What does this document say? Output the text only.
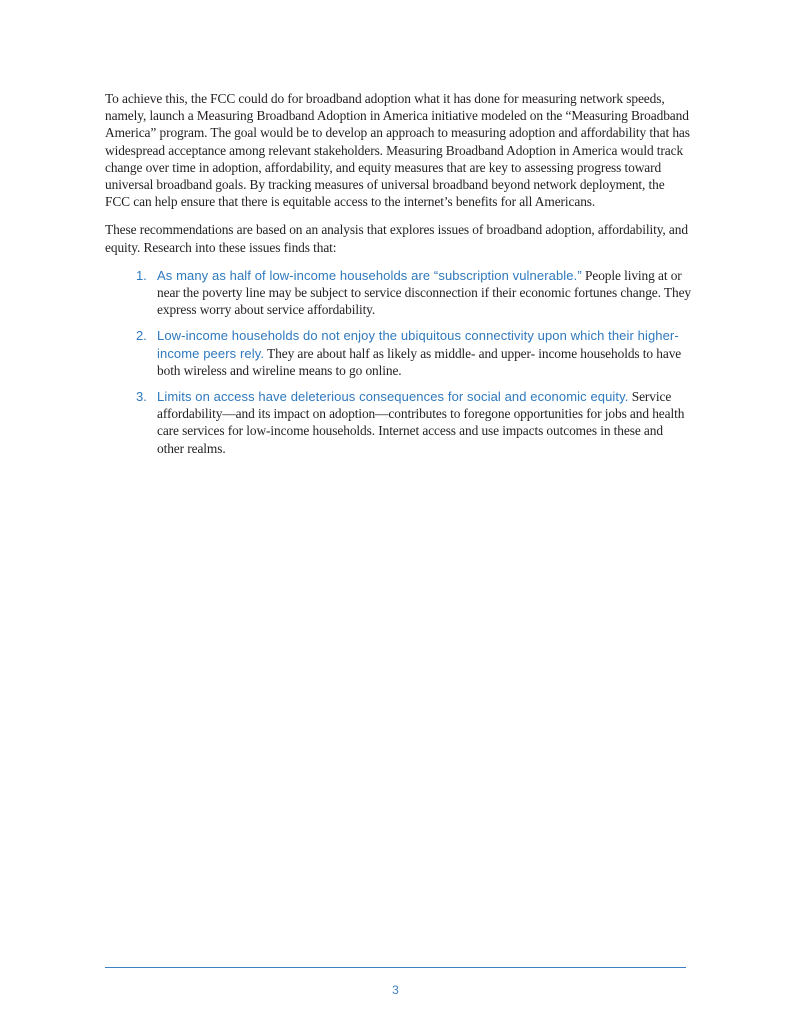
To achieve this, the FCC could do for broadband adoption what it has done for measuring network speeds, namely, launch a Measuring Broadband Adoption in America initiative modeled on the “Measuring Broadband America” program. The goal would be to develop an approach to measuring adoption and affordability that has widespread acceptance among relevant stakeholders. Measuring Broadband Adoption in America would track change over time in adoption, affordability, and equity measures that are key to assessing progress toward universal broadband goals. By tracking measures of universal broadband beyond network deployment, the FCC can help ensure that there is equitable access to the internet’s benefits for all Americans.

These recommendations are based on an analysis that explores issues of broadband adoption, affordability, and equity. Research into these issues finds that:

1. As many as half of low-income households are “subscription vulnerable.” People living at or near the poverty line may be subject to service disconnection if their economic fortunes change. They express worry about service affordability.
2. Low-income households do not enjoy the ubiquitous connectivity upon which their higher-income peers rely. They are about half as likely as middle- and upper- income households to have both wireless and wireline means to go online.
3. Limits on access have deleterious consequences for social and economic equity. Service affordability—and its impact on adoption—contributes to foregone opportunities for jobs and health care services for low-income households. Internet access and use impacts outcomes in these and other realms.
3
